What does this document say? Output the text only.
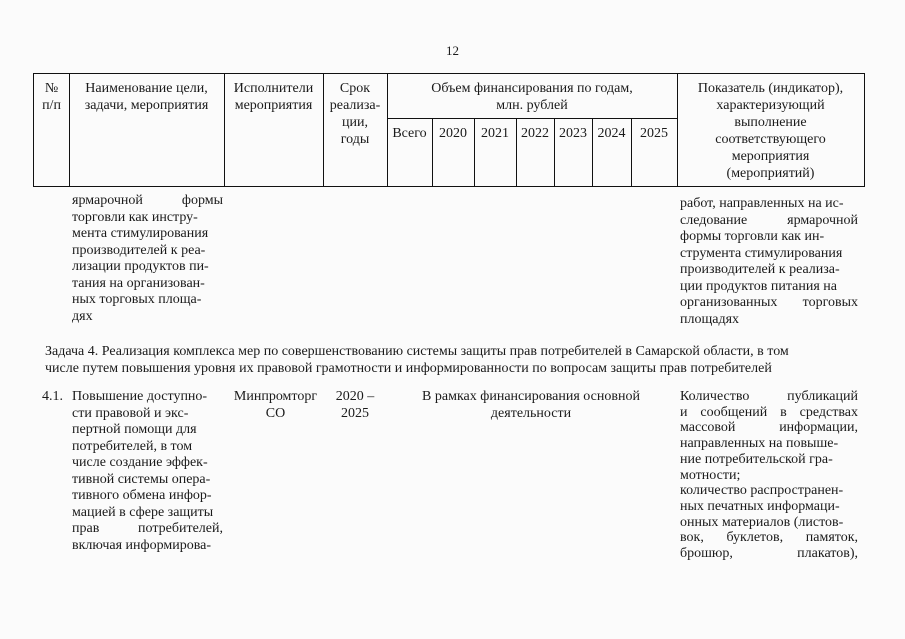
12
№
п/п
Наименование цели,
задачи, мероприятия
Исполнители
мероприятия
Срок
реализа-
ции,
годы
Объем финансирования по годам,
млн. рублей
Всего 2020	2021 2022 2023 2024	2025
Показатель (индикатор),
характеризующий
выполнение
соответствующего
мероприятия
(мероприятий)
ярмарочной формы
торговли как инстру-
мента стимулирования
производителей к реа-
лизации продуктов пи-
тания на организован-
ных торговых площа-
дях
работ, направленных на ис-
следование ярмарочной
формы торговли как ин-
струмента стимулирования
производителей к реализа-
ции продуктов питания на
организованных торговых
площадях
Задача 4. Реализация комплекса мер по совершенствованию системы защиты прав потребителей в Самарской области, в том
числе путем повышения уровня их правовой грамотности и информированности по вопросам защиты прав потребителей
4.1. Повышение доступно-
сти правовой и экс-
пертной помощи для
потребителей, в том
числе создание эффек-
тивной системы опера-
тивного обмена инфор-
мацией в сфере защиты
прав потребителей,
включая информирова-
Минпромторг
СО
2020 –
2025
В рамках финансирования основной
деятельности
Количество публикаций
и сообщений в средствах
массовой информации,
направленных на повыше-
ние потребительской гра-
мотности;
количество распространен-
ных печатных информаци-
онных материалов (листов-
вок, буклетов, памяток,
брошюр, плакатов),
